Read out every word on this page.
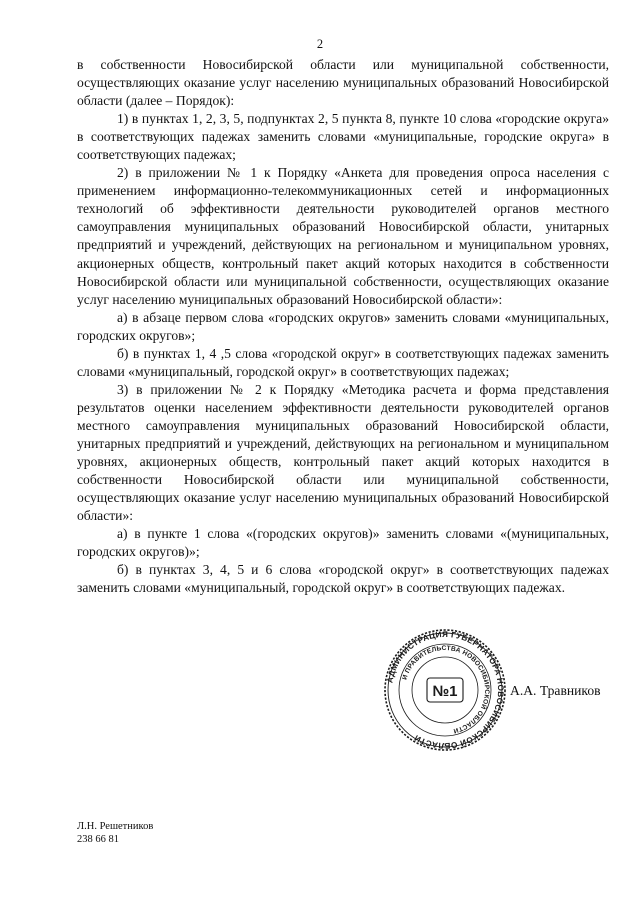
2

в собственности Новосибирской области или муниципальной собственности, осуществляющих оказание услуг населению муниципальных образований Новосибирской области (далее – Порядок):

1) в пунктах 1, 2, 3, 5, подпунктах 2, 5 пункта 8, пункте 10 слова «городские округа» в соответствующих падежах заменить словами «муниципальные, городские округа» в соответствующих падежах;

2) в приложении № 1 к Порядку «Анкета для проведения опроса населения с применением информационно-телекоммуникационных сетей и информационных технологий об эффективности деятельности руководителей органов местного самоуправления муниципальных образований Новосибирской области, унитарных предприятий и учреждений, действующих на региональном и муниципальном уровнях, акционерных обществ, контрольный пакет акций которых находится в собственности Новосибирской области или муниципальной собственности, осуществляющих оказание услуг населению муниципальных образований Новосибирской области»:

а) в абзаце первом слова «городских округов» заменить словами «муниципальных, городских округов»;

б) в пунктах 1, 4 ,5 слова «городской округ» в соответствующих падежах заменить словами «муниципальный, городской округ» в соответствующих падежах;

3) в приложении № 2 к Порядку «Методика расчета и форма представления результатов оценки населением эффективности деятельности руководителей органов местного самоуправления муниципальных образований Новосибирской области, унитарных предприятий и учреждений, действующих на региональном и муниципальном уровнях, акционерных обществ, контрольный пакет акций которых находится в собственности Новосибирской области или муниципальной собственности, осуществляющих оказание услуг населению муниципальных образований Новосибирской области»:

а) в пункте 1 слова «(городских округов)» заменить словами «(муниципальных, городских округов)»;

б) в пунктах 3, 4, 5 и 6 слова «городской округ» в соответствующих падежах заменить словами «муниципальный, городской округ» в соответствующих падежах.

АДМИНИСТРАЦИЯ ГУБЕРНАТОРА НОВОСИБИРСКОЙ ОБЛАСТИ
И ПРАВИТЕЛЬСТВА НОВОСИБИРСКОЙ ОБЛАСТИ
№1	А.А. Травников
Л.Н. Решетников
238 66 81
